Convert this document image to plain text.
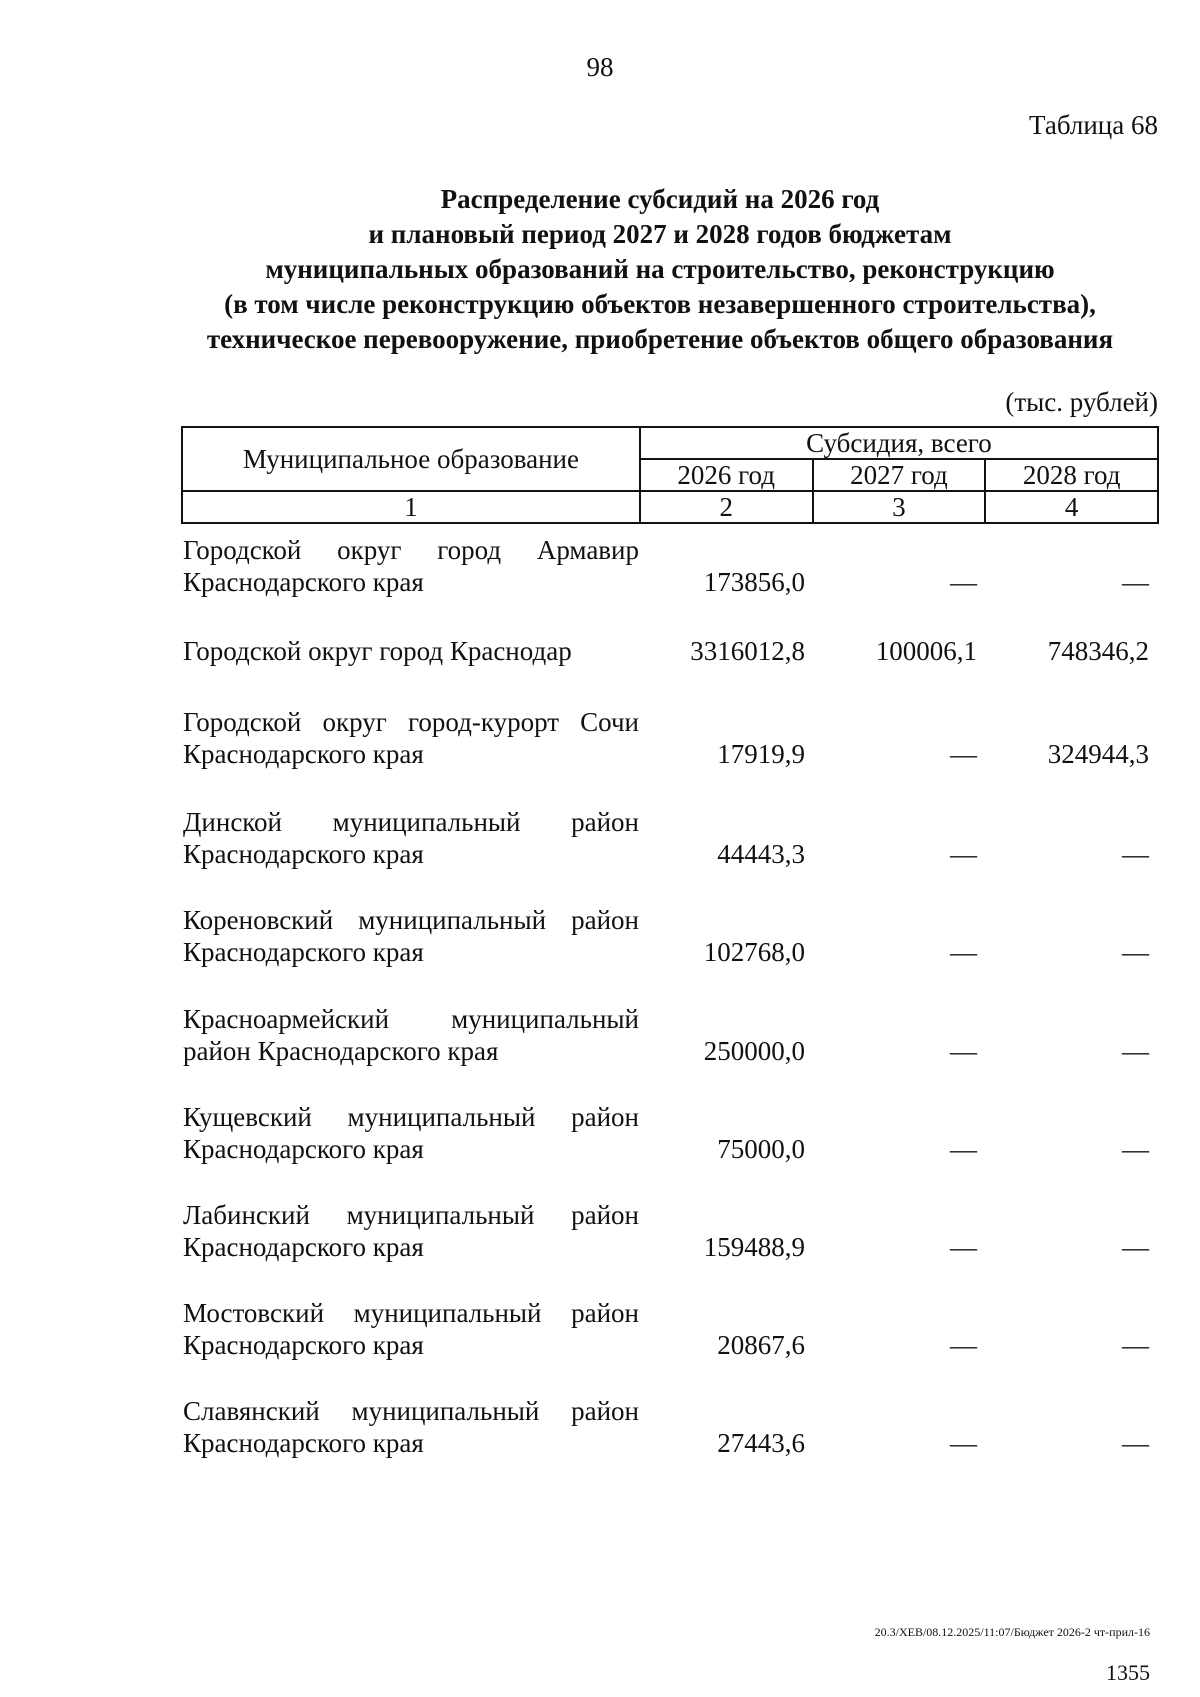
98
Таблица 68
Распределение субсидий на 2026 год
и плановый период 2027 и 2028 годов бюджетам
муниципальных образований на строительство, реконструкцию
(в том числе реконструкцию объектов незавершенного строительства),
техническое перевооружение, приобретение объектов общего образования
(тыс. рублей)
Муниципальное образование	Субсидия, всего		
	2026 год	2027 год	2028 год
1	2	3	4
Городской округ город Армавир
Краснодарского края	173856,0	—	—
Городской округ город Краснодар	3316012,8	100006,1	748346,2
Городской округ город-курорт Сочи
Краснодарского края	17919,9	—	324944,3
Динской муниципальный район
Краснодарского края	44443,3	—	—
Кореновский муниципальный район
Краснодарского края	102768,0	—	—
Красноармейский муниципальный
район Краснодарского края	250000,0	—	—
Кущевский муниципальный район
Краснодарского края	75000,0	—	—
Лабинский муниципальный район
Краснодарского края	159488,9	—	—
Мостовский муниципальный район
Краснодарского края	20867,6	—	—
Славянский муниципальный район
Краснодарского края	27443,6	—	—
20.3/ХЕВ/08.12.2025/11:07/Бюджет 2026-2 чт-прил-16
1355
